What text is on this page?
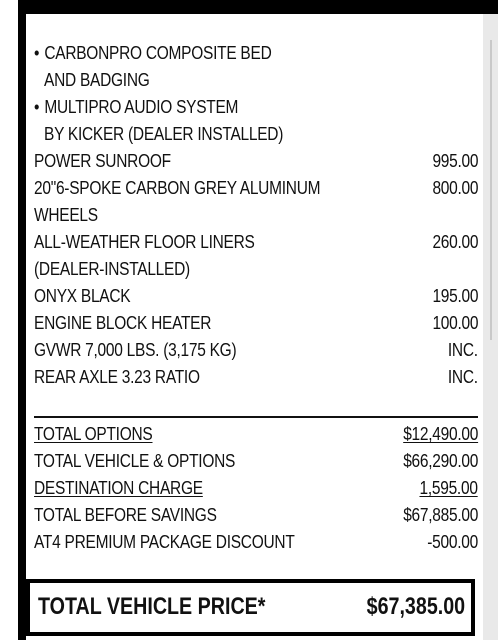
• CARBONPRO COMPOSITE BED
AND BADGING
• MULTIPRO AUDIO SYSTEM
BY KICKER (DEALER INSTALLED)
POWER SUNROOF	995.00
20"6-SPOKE CARBON GREY ALUMINUM	800.00
WHEELS
ALL-WEATHER FLOOR LINERS	260.00
(DEALER-INSTALLED)
ONYX BLACK	195.00
ENGINE BLOCK HEATER	100.00
GVWR 7,000 LBS. (3,175 KG)	INC.
REAR AXLE 3.23 RATIO	INC.
TOTAL OPTIONS	$12,490.00
TOTAL VEHICLE & OPTIONS	$66,290.00
DESTINATION CHARGE	1,595.00
TOTAL BEFORE SAVINGS	$67,885.00
AT4 PREMIUM PACKAGE DISCOUNT	-500.00
TOTAL VEHICLE PRICE*	$67,385.00
